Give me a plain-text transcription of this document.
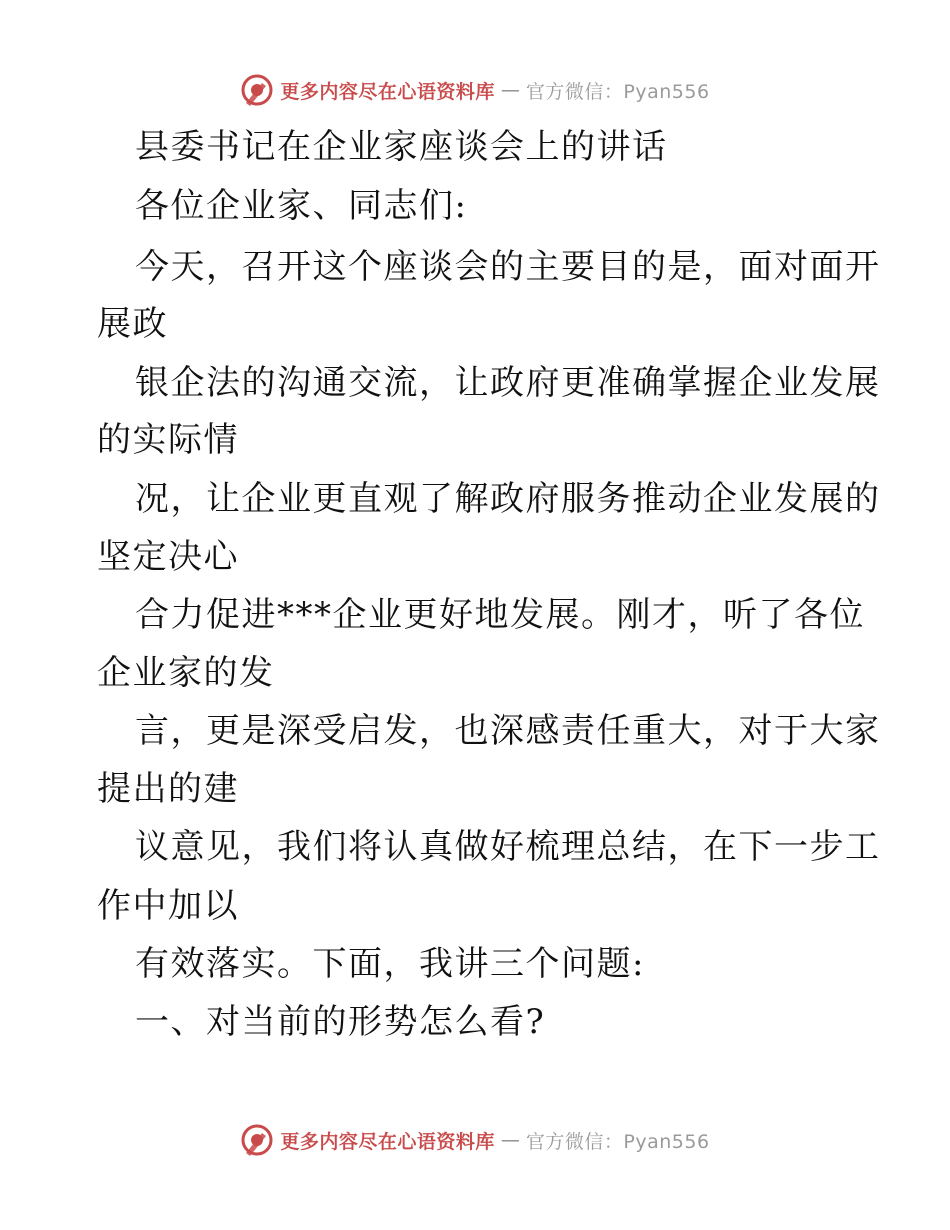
更多内容尽在心语资料库 — 官方微信：Pyan556
县委书记在企业家座谈会上的讲话
各位企业家、同志们:
今天，召开这个座谈会的主要目的是，面对面开
展政
银企法的沟通交流，让政府更准确掌握企业发展
的实际情
况，让企业更直观了解政府服务推动企业发展的
坚定决心
合力促进***企业更好地发展。刚才，听了各位
企业家的发
言，更是深受启发，也深感责任重大，对于大家
提出的建
议意见，我们将认真做好梳理总结，在下一步工
作中加以
有效落实。下面，我讲三个问题:
一、对当前的形势怎么看?
更多内容尽在心语资料库 — 官方微信：Pyan556
